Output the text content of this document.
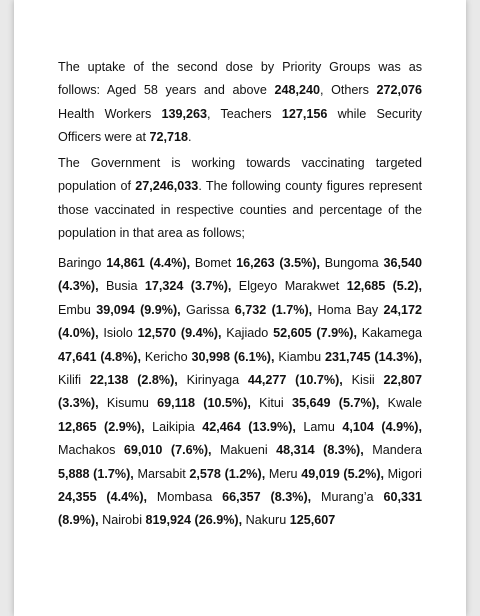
The uptake of the second dose by Priority Groups was as follows: Aged 58 years and above 248,240, Others 272,076 Health Workers 139,263, Teachers 127,156 while Security Officers were at 72,718.

The Government is working towards vaccinating targeted population of 27,246,033. The following county figures represent those vaccinated in respective counties and percentage of the population in that area as follows;

Baringo 14,861 (4.4%), Bomet 16,263 (3.5%), Bungoma 36,540 (4.3%), Busia 17,324 (3.7%), Elgeyo Marakwet 12,685 (5.2), Embu 39,094 (9.9%), Garissa 6,732 (1.7%), Homa Bay 24,172 (4.0%), Isiolo 12,570 (9.4%), Kajiado 52,605 (7.9%), Kakamega 47,641 (4.8%), Kericho 30,998 (6.1%), Kiambu 231,745 (14.3%), Kilifi 22,138 (2.8%), Kirinyaga 44,277 (10.7%), Kisii 22,807 (3.3%), Kisumu 69,118 (10.5%), Kitui 35,649 (5.7%), Kwale 12,865 (2.9%), Laikipia 42,464 (13.9%), Lamu 4,104 (4.9%), Machakos 69,010 (7.6%), Makueni 48,314 (8.3%), Mandera 5,888 (1.7%), Marsabit 2,578 (1.2%), Meru 49,019 (5.2%), Migori 24,355 (4.4%), Mombasa 66,357 (8.3%), Murang’a 60,331 (8.9%), Nairobi 819,924 (26.9%), Nakuru 125,607
